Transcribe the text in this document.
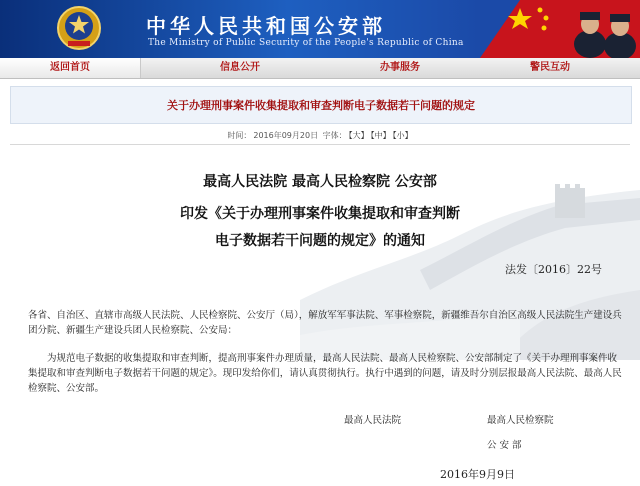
中华人民共和国公安部
The Ministry of Public Security of the People's Republic of China
返回首页	信息公开	办事服务	警民互动
关于办理刑事案件收集提取和审查判断电子数据若干问题的规定
时间： 2016年09月20日 字体： 【大】 【中】 【小】
最高人民法院 最高人民检察院 公安部
印发《关于办理刑事案件收集提取和审查判断
电子数据若干问题的规定》的通知
法发〔2016〕22号
各省、自治区、直辖市高级人民法院、人民检察院、公安厅（局），解放军军事法院、军事检察院，新疆维吾尔自治区高级人民法院生产建设兵团分院、新疆生产建设兵团人民检察院、公安局：
为规范电子数据的收集提取和审查判断，提高刑事案件办理质量，最高人民法院、最高人民检察院、公安部制定了《关于办理刑事案件收集提取和审查判断电子数据若干问题的规定》。现印发给你们，请认真贯彻执行。执行中遇到的问题，请及时分别层报最高人民法院、最高人民检察院、公安部。
最高人民法院	最高人民检察院
公安部
2016年9月9日
